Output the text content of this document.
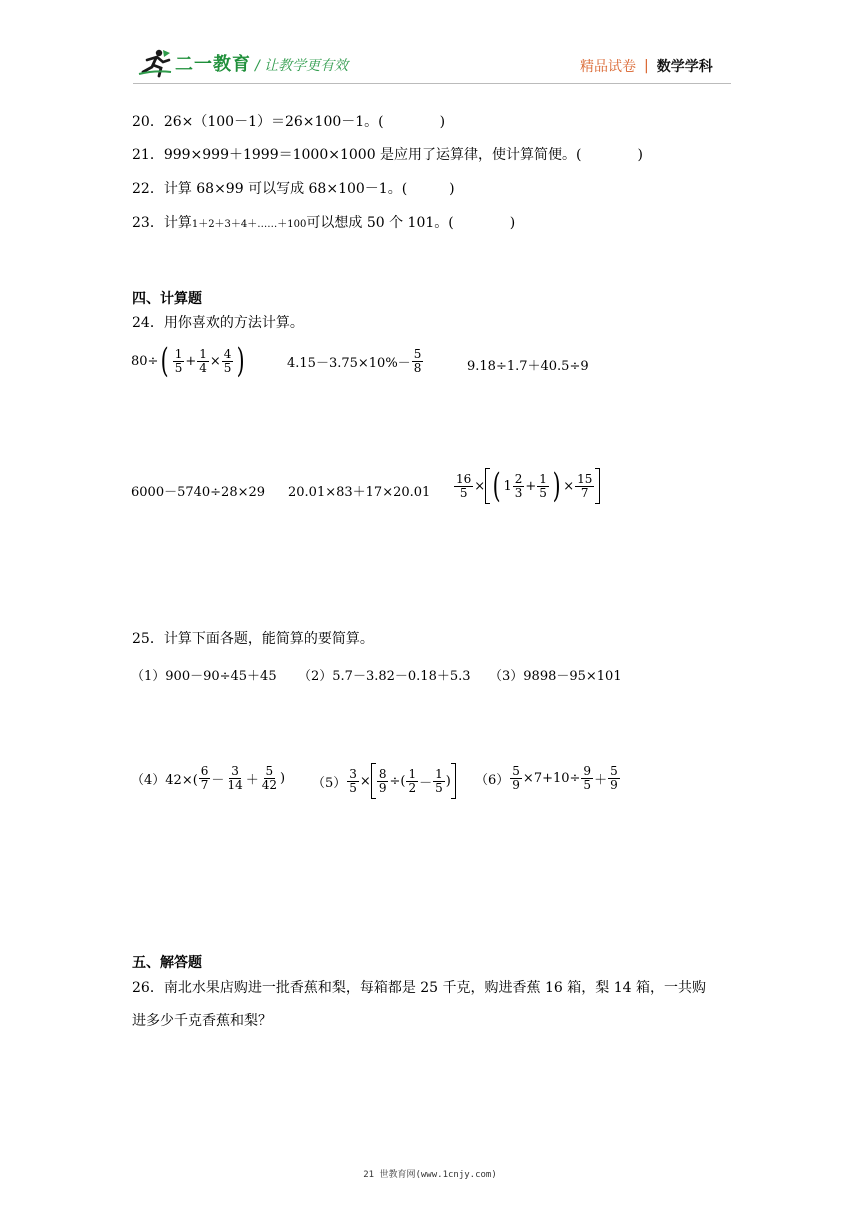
二一教育 / 让教学更有效	精品试卷 | 数学学科
20．26×（100－1）＝26×100－1。(　　　　)
21．999×999＋1999＝1000×1000 是应用了运算律，使计算简便。(　　　　)
22．计算 68×99 可以写成 68×100－1。(　　　)
23．计算1＋2＋3＋4＋……＋100可以想成 50 个 101。(　　　　)
四、计算题
24．用你喜欢的方法计算。
80÷ ( $\frac{1}{5} + \frac{1}{4} \times \frac{4}{5}$ )	$4.15-3.75\times 10\%- \frac{5}{8}$	9.18÷1.7＋40.5÷9
6000－5740÷28×29 $20.01\times 83+17\times 20.01 \frac{16}{5}$ × ( $1 \frac{2}{3} + \frac{1}{5}$ ) × $\frac{15}{7}$
25．计算下面各题，能简算的要简算。
（1）900－90÷45＋45 （2）5.7－3.82－0.18＋5.3 （3）9898－95×101
$(4)42\times( \frac{6}{7} - \frac{3}{14} + \frac{5}{42}$ ) $(5) \frac{3}{5} \times \frac{8}{9}$ ÷( $\frac{1}{2} - \frac{1}{5}$ ) $(6) \frac{5}{9} \times 7+10\div \frac{9}{5} + \frac{5}{9}$
五、解答题
26．南北水果店购进一批香蕉和梨，每箱都是 25 千克，购进香蕉 16 箱，梨 14 箱，一共购
进多少千克香蕉和梨？
21 世教育网(www.1cnjy.com)
